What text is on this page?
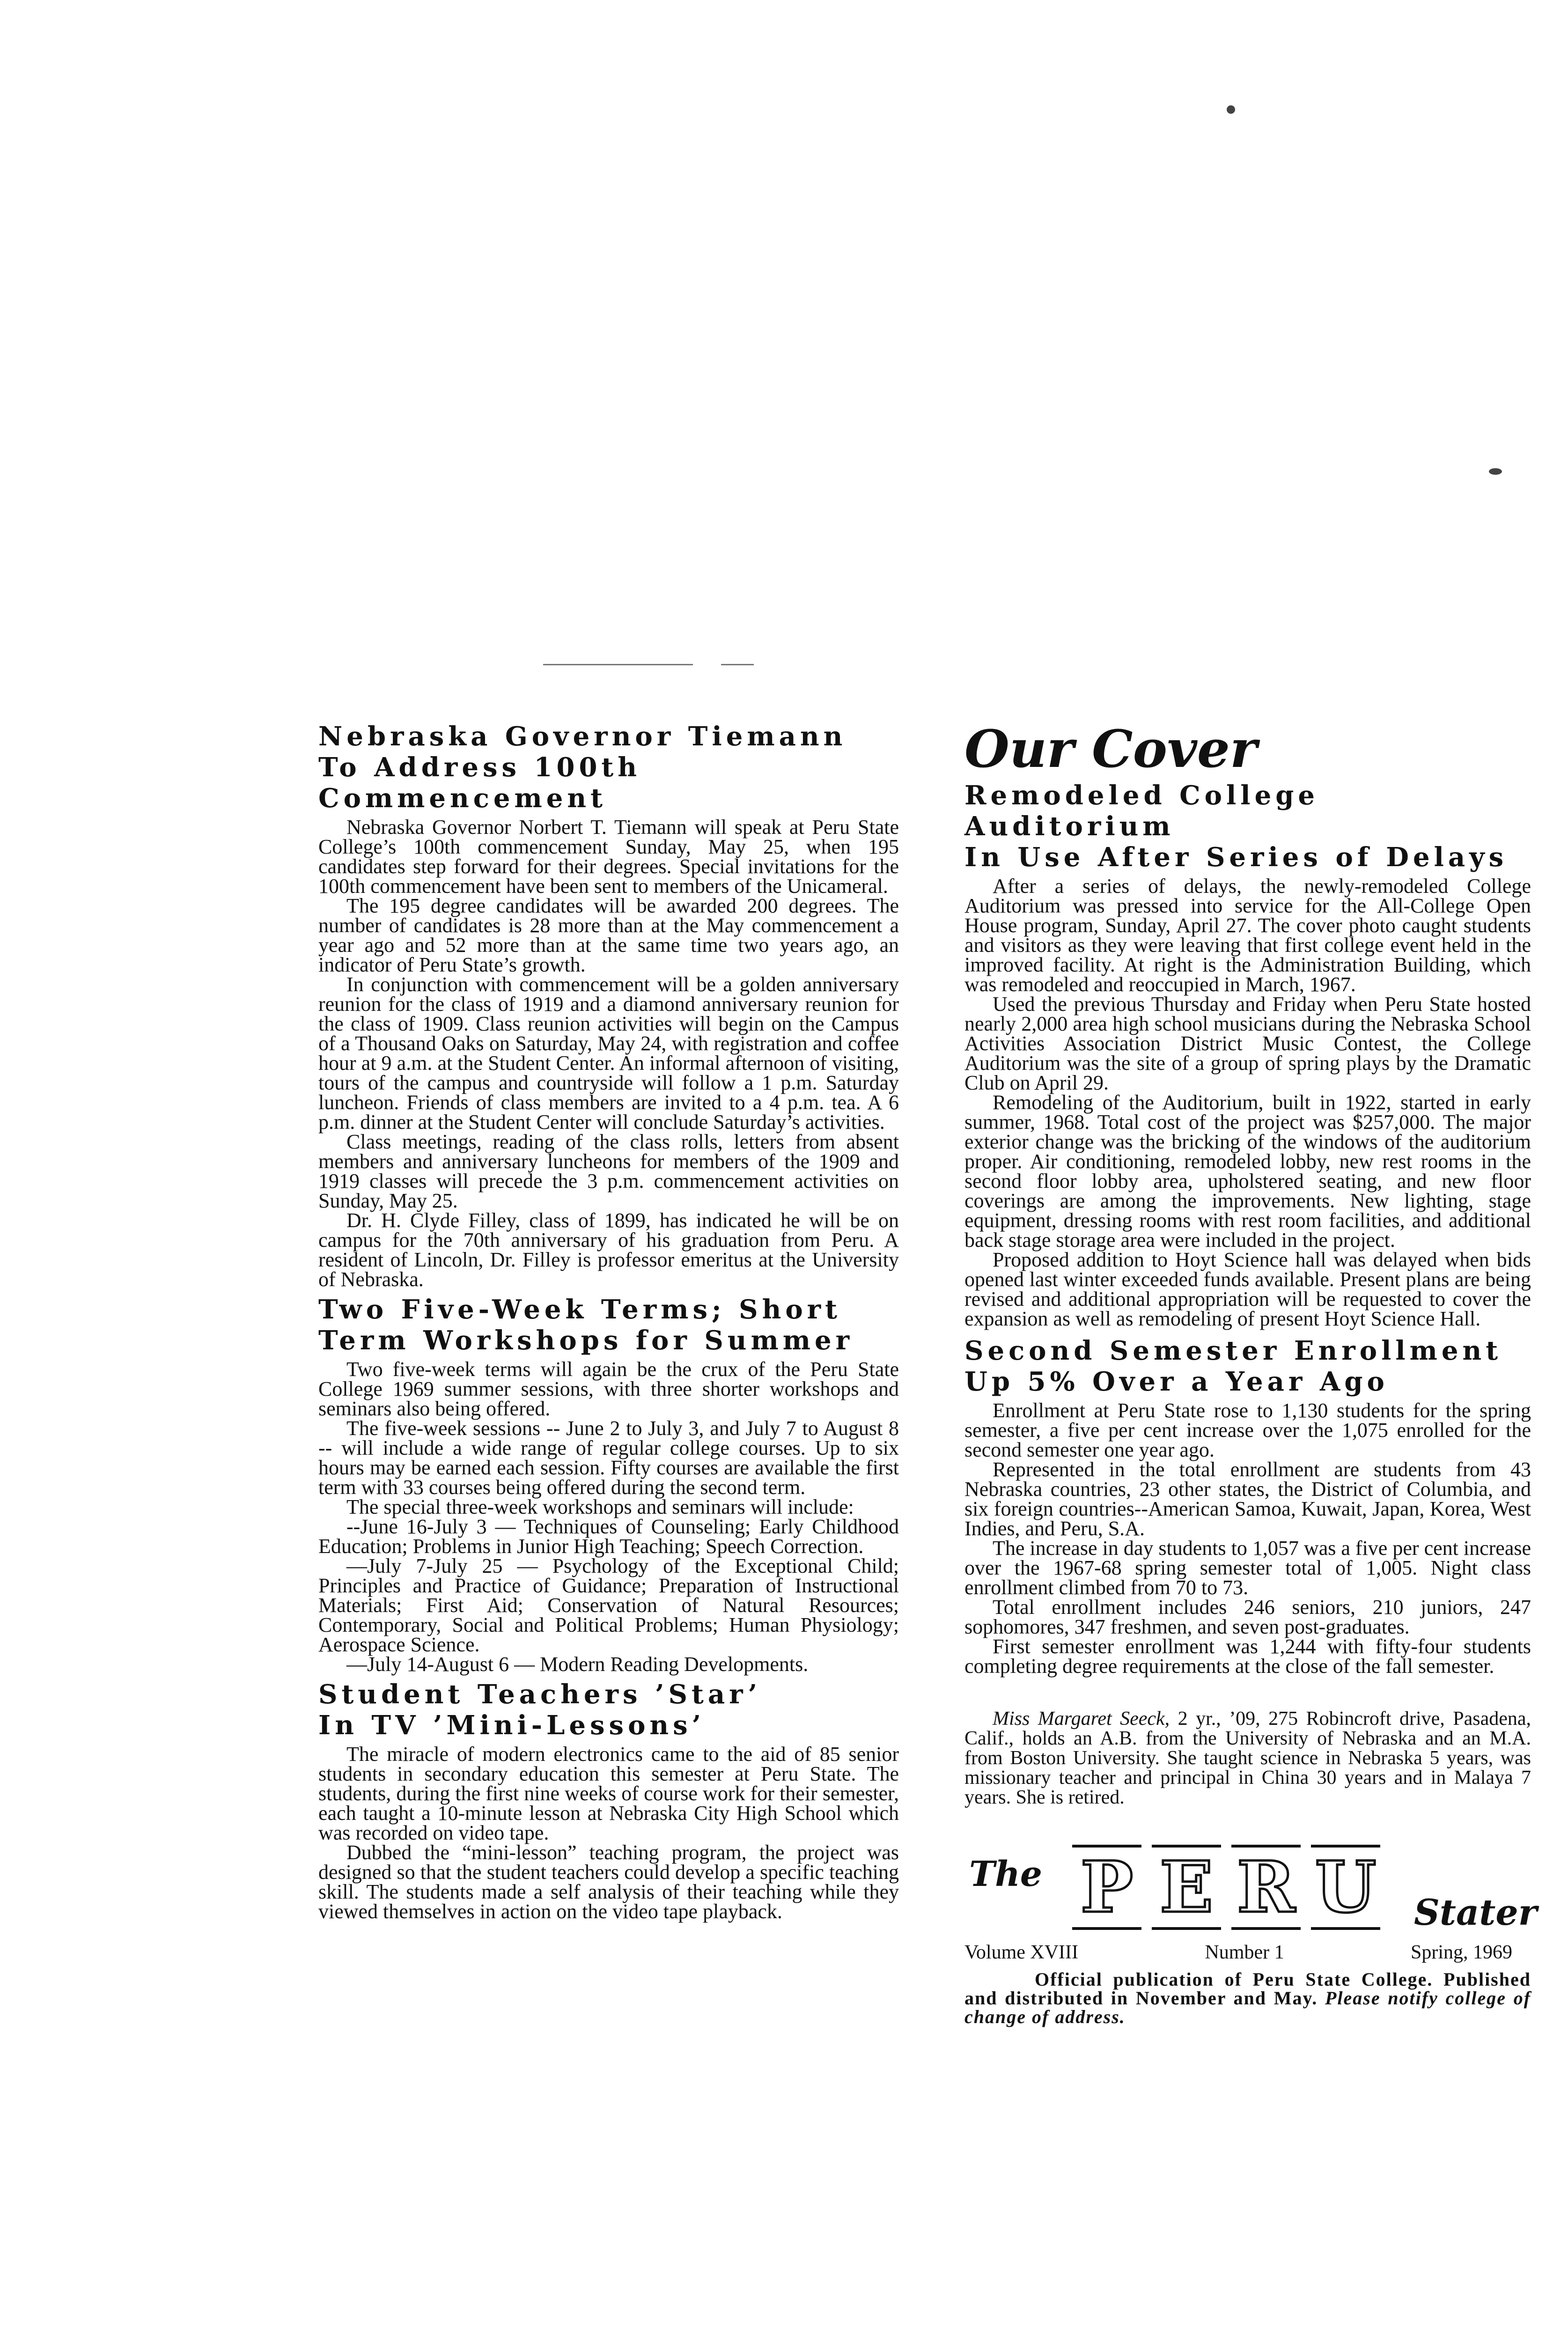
Nebraska Governor Tiemann
To Address 100th Commencement

Nebraska Governor Norbert T. Tiemann will speak at Peru State College’s 100th commencement Sunday, May 25, when 195 candidates step forward for their degrees. Special invitations for the 100th commencement have been sent to members of the Unicameral.

The 195 degree candidates will be awarded 200 degrees. The number of candidates is 28 more than at the May commencement a year ago and 52 more than at the same time two years ago, an indicator of Peru State’s growth.

In conjunction with commencement will be a golden anniversary reunion for the class of 1919 and a diamond anniversary reunion for the class of 1909. Class reunion activities will begin on the Campus of a Thousand Oaks on Saturday, May 24, with registration and coffee hour at 9 a.m. at the Student Center. An informal afternoon of visiting, tours of the campus and countryside will follow a 1 p.m. Saturday luncheon. Friends of class members are invited to a 4 p.m. tea. A 6 p.m. dinner at the Student Center will conclude Saturday’s activities.

Class meetings, reading of the class rolls, letters from absent members and anniversary luncheons for members of the 1909 and 1919 classes will precede the 3 p.m. commencement activities on Sunday, May 25.

Dr. H. Clyde Filley, class of 1899, has indicated he will be on campus for the 70th anniversary of his graduation from Peru. A resident of Lincoln, Dr. Filley is professor emeritus at the University of Nebraska.

Two Five-Week Terms; Short
Term Workshops for Summer

Two five-week terms will again be the crux of the Peru State College 1969 summer sessions, with three shorter workshops and seminars also being offered.

The five-week sessions -- June 2 to July 3, and July 7 to August 8 -- will include a wide range of regular college courses. Up to six hours may be earned each session. Fifty courses are available the first term with 33 courses being offered during the second term.

The special three-week workshops and seminars will include:

--June 16-July 3 — Techniques of Counseling; Early Childhood Education; Problems in Junior High Teaching; Speech Correction.

—July 7-July 25 — Psychology of the Exceptional Child; Principles and Practice of Guidance; Preparation of Instructional Materials; First Aid; Conservation of Natural Resources; Contemporary, Social and Political Problems; Human Physiology; Aerospace Science.

—July 14-August 6 — Modern Reading Developments.

Student Teachers ’Star’
In TV ’Mini-Lessons’

The miracle of modern electronics came to the aid of 85 senior students in secondary education this semester at Peru State. The students, during the first nine weeks of course work for their semester, each taught a 10-minute lesson at Nebraska City High School which was recorded on video tape.

Dubbed the “mini-lesson” teaching program, the project was designed so that the student teachers could develop a specific teaching skill. The students made a self analysis of their teaching while they viewed themselves in action on the video tape playback.

Our Cover
Remodeled College Auditorium
In Use After Series of Delays

After a series of delays, the newly-remodeled College Auditorium was pressed into service for the All-College Open House program, Sunday, April 27. The cover photo caught students and visitors as they were leaving that first college event held in the improved facility. At right is the Administration Building, which was remodeled and reoccupied in March, 1967.

Used the previous Thursday and Friday when Peru State hosted nearly 2,000 area high school musicians during the Nebraska School Activities Association District Music Contest, the College Auditorium was the site of a group of spring plays by the Dramatic Club on April 29.

Remodeling of the Auditorium, built in 1922, started in early summer, 1968. Total cost of the project was $257,000. The major exterior change was the bricking of the windows of the auditorium proper. Air conditioning, remodeled lobby, new rest rooms in the second floor lobby area, upholstered seating, and new floor coverings are among the improvements. New lighting, stage equipment, dressing rooms with rest room facilities, and additional back stage storage area were included in the project.

Proposed addition to Hoyt Science hall was delayed when bids opened last winter exceeded funds available. Present plans are being revised and additional appropriation will be requested to cover the expansion as well as remodeling of present Hoyt Science Hall.

Second Semester Enrollment
Up 5% Over a Year Ago

Enrollment at Peru State rose to 1,130 students for the spring semester, a five per cent increase over the 1,075 enrolled for the second semester one year ago.

Represented in the total enrollment are students from 43 Nebraska countries, 23 other states, the District of Columbia, and six foreign countries--American Samoa, Kuwait, Japan, Korea, West Indies, and Peru, S.A.

The increase in day students to 1,057 was a five per cent increase over the 1967-68 spring semester total of 1,005. Night class enrollment climbed from 70 to 73.

Total enrollment includes 246 seniors, 210 juniors, 247 sophomores, 347 freshmen, and seven post-graduates.

First semester enrollment was 1,244 with fifty-four students completing degree requirements at the close of the fall semester.

Miss Margaret Seeck, 2 yr., ’09, 275 Robincroft drive, Pasadena, Calif., holds an A.B. from the University of Nebraska and an M.A. from Boston University. She taught science in Nebraska 5 years, was missionary teacher and principal in China 30 years and in Malaya 7 years. She is retired.

The P E R U Stater
Volume XVIII	Number 1	Spring, 1969

Official publication of Peru State College. Published and distributed in November and May. Please notify college of change of address.
